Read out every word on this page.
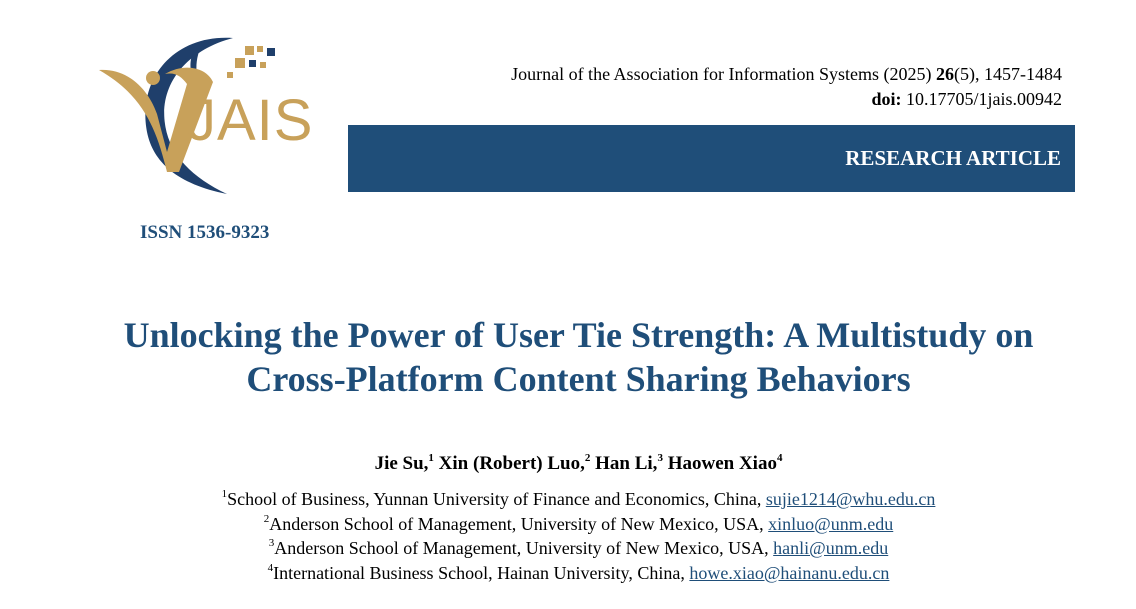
JAIS
ISSN 1536-9323
Journal of the Association for Information Systems (2025) 26(5), 1457-1484
doi: 10.17705/1jais.00942
RESEARCH ARTICLE
Unlocking the Power of User Tie Strength: A Multistudy on
Cross-Platform Content Sharing Behaviors
Jie Su,$^1$ Xin (Robert) Luo,$^2$ Han Li,$^3$ Haowen Xiao$^4$
$^1$School of Business, Yunnan University of Finance and Economics, China, sujie1214@whu.edu.cn
$^2$Anderson School of Management, University of New Mexico, USA, xinluo@unm.edu
$^3$Anderson School of Management, University of New Mexico, USA, hanli@unm.edu
$^4$International Business School, Hainan University, China, howe.xiao@hainanu.edu.cn
